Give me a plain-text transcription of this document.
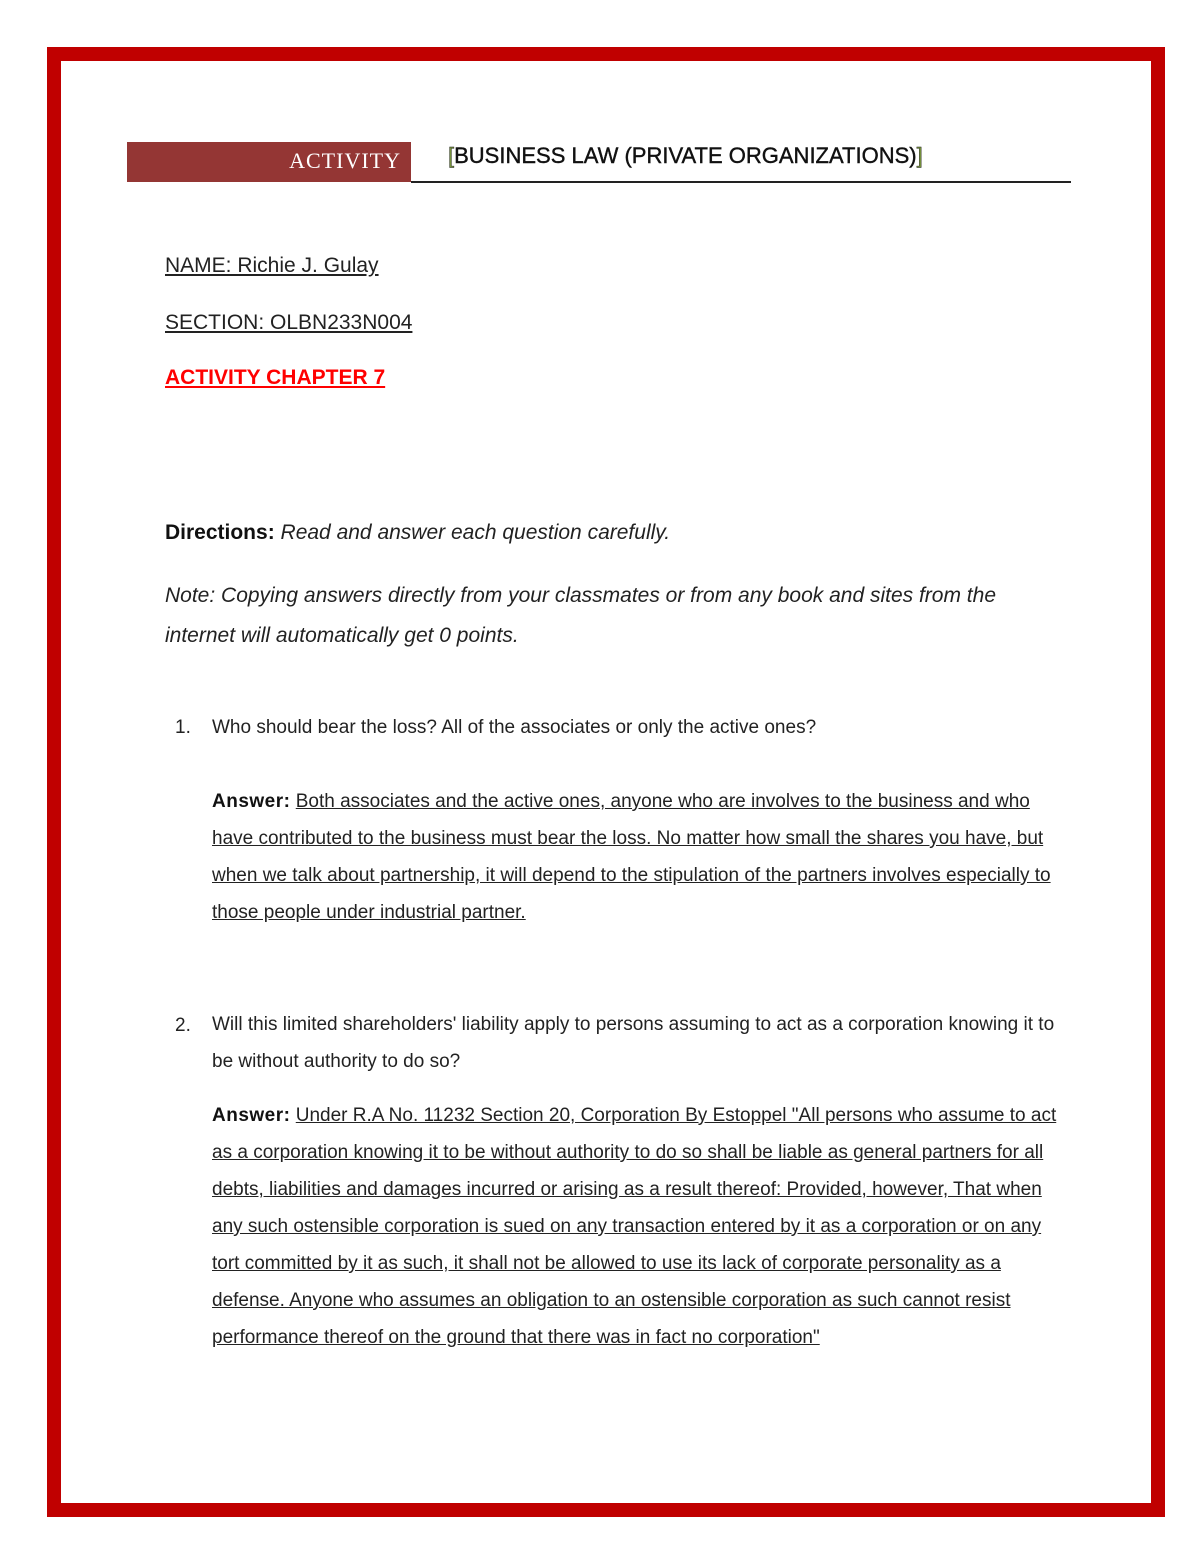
ACTIVITY [BUSINESS LAW (PRIVATE ORGANIZATIONS)]
NAME: Richie J. Gulay
SECTION: OLBN233N004
ACTIVITY CHAPTER 7
Directions: Read and answer each question carefully.
Note: Copying answers directly from your classmates or from any book and sites from the internet will automatically get 0 points.
1. Who should bear the loss? All of the associates or only the active ones?
Answer: Both associates and the active ones, anyone who are involves to the business and who have contributed to the business must bear the loss. No matter how small the shares you have, but when we talk about partnership, it will depend to the stipulation of the partners involves especially to those people under industrial partner.
2. Will this limited shareholders' liability apply to persons assuming to act as a corporation knowing it to be without authority to do so?
Answer: Under R.A No. 11232 Section 20, Corporation By Estoppel "All persons who assume to act as a corporation knowing it to be without authority to do so shall be liable as general partners for all debts, liabilities and damages incurred or arising as a result thereof: Provided, however, That when any such ostensible corporation is sued on any transaction entered by it as a corporation or on any tort committed by it as such, it shall not be allowed to use its lack of corporate personality as a defense. Anyone who assumes an obligation to an ostensible corporation as such cannot resist performance thereof on the ground that there was in fact no corporation"
